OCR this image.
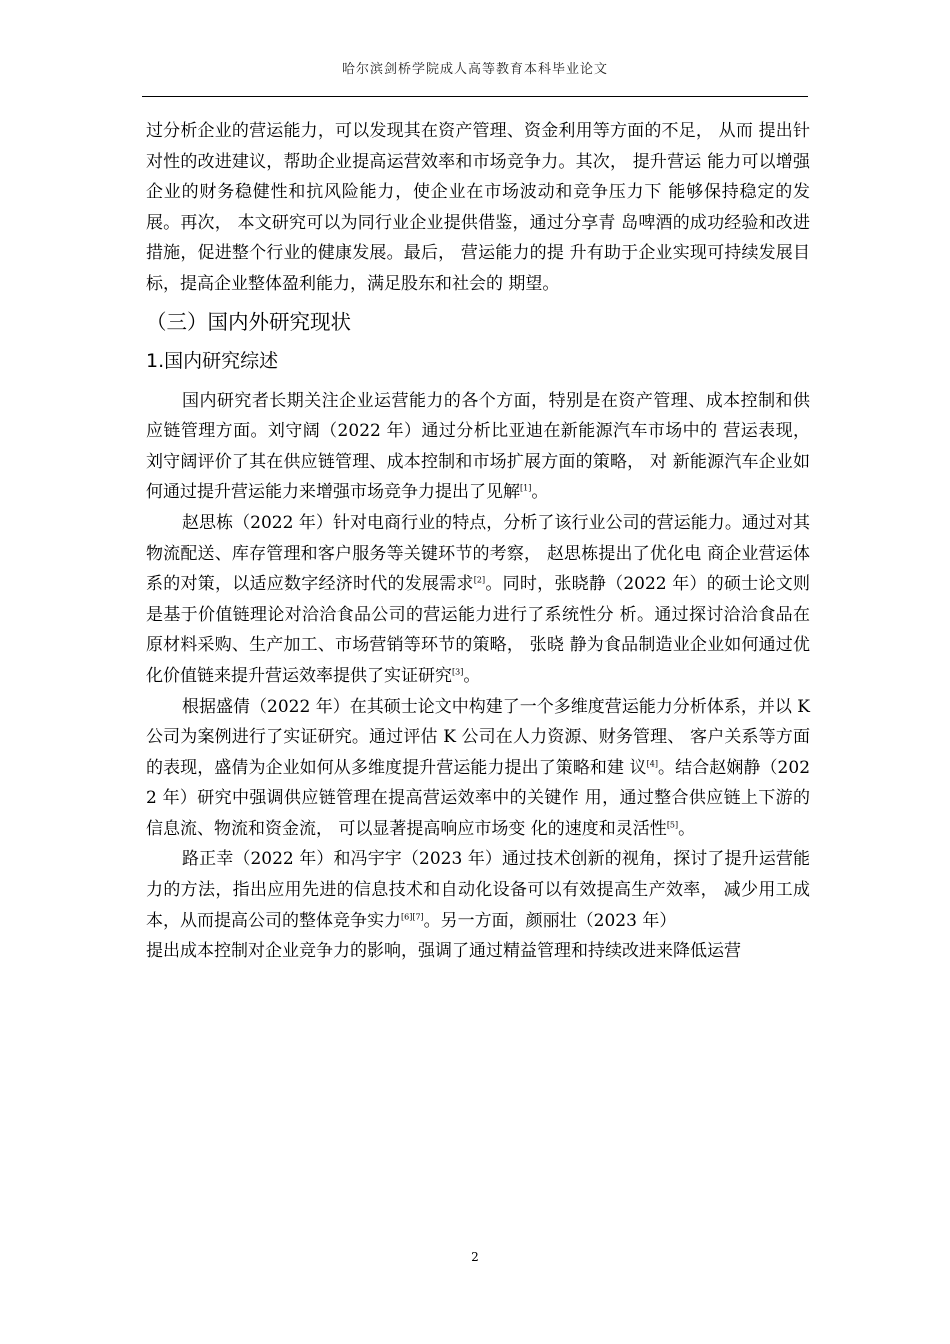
哈尔滨剑桥学院成人高等教育本科毕业论文

过分析企业的营运能力，可以发现其在资产管理、资金利用等方面的不足， 从而 提出针对性的改进建议，帮助企业提高运营效率和市场竞争力。其次， 提升营运 能力可以增强企业的财务稳健性和抗风险能力，使企业在市场波动和竞争压力下 能够保持稳定的发展。再次， 本文研究可以为同行业企业提供借鉴，通过分享青 岛啤酒的成功经验和改进措施，促进整个行业的健康发展。最后， 营运能力的提 升有助于企业实现可持续发展目标，提高企业整体盈利能力，满足股东和社会的 期望。

（三）国内外研究现状
1.国内研究综述

国内研究者长期关注企业运营能力的各个方面，特别是在资产管理、成本控制和供应链管理方面。刘守阔（2022 年）通过分析比亚迪在新能源汽车市场中的 营运表现，刘守阔评价了其在供应链管理、成本控制和市场扩展方面的策略， 对 新能源汽车企业如何通过提升营运能力来增强市场竞争力提出了见解[1]。

赵思栋（2022 年）针对电商行业的特点，分析了该行业公司的营运能力。通过对其物流配送、库存管理和客户服务等关键环节的考察， 赵思栋提出了优化电 商企业营运体系的对策，以适应数字经济时代的发展需求[2]。同时，张晓静（2022 年）的硕士论文则是基于价值链理论对洽洽食品公司的营运能力进行了系统性分 析。通过探讨洽洽食品在原材料采购、生产加工、市场营销等环节的策略， 张晓 静为食品制造业企业如何通过优化价值链来提升营运效率提供了实证研究[3]。

根据盛倩（2022 年）在其硕士论文中构建了一个多维度营运能力分析体系，并以 K 公司为案例进行了实证研究。通过评估 K 公司在人力资源、财务管理、 客户关系等方面的表现，盛倩为企业如何从多维度提升营运能力提出了策略和建 议[4]。结合赵娴静（2022 年）研究中强调供应链管理在提高营运效率中的关键作 用，通过整合供应链上下游的信息流、物流和资金流， 可以显著提高响应市场变 化的速度和灵活性[5]。

路正幸（2022 年）和冯宇宇（2023 年）通过技术创新的视角，探讨了提升运营能力的方法，指出应用先进的信息技术和自动化设备可以有效提高生产效率， 减少用工成本，从而提高公司的整体竞争实力[6][7]。另一方面，颜丽壮（2023 年）

提出成本控制对企业竞争力的影响，强调了通过精益管理和持续改进来降低运营

2
